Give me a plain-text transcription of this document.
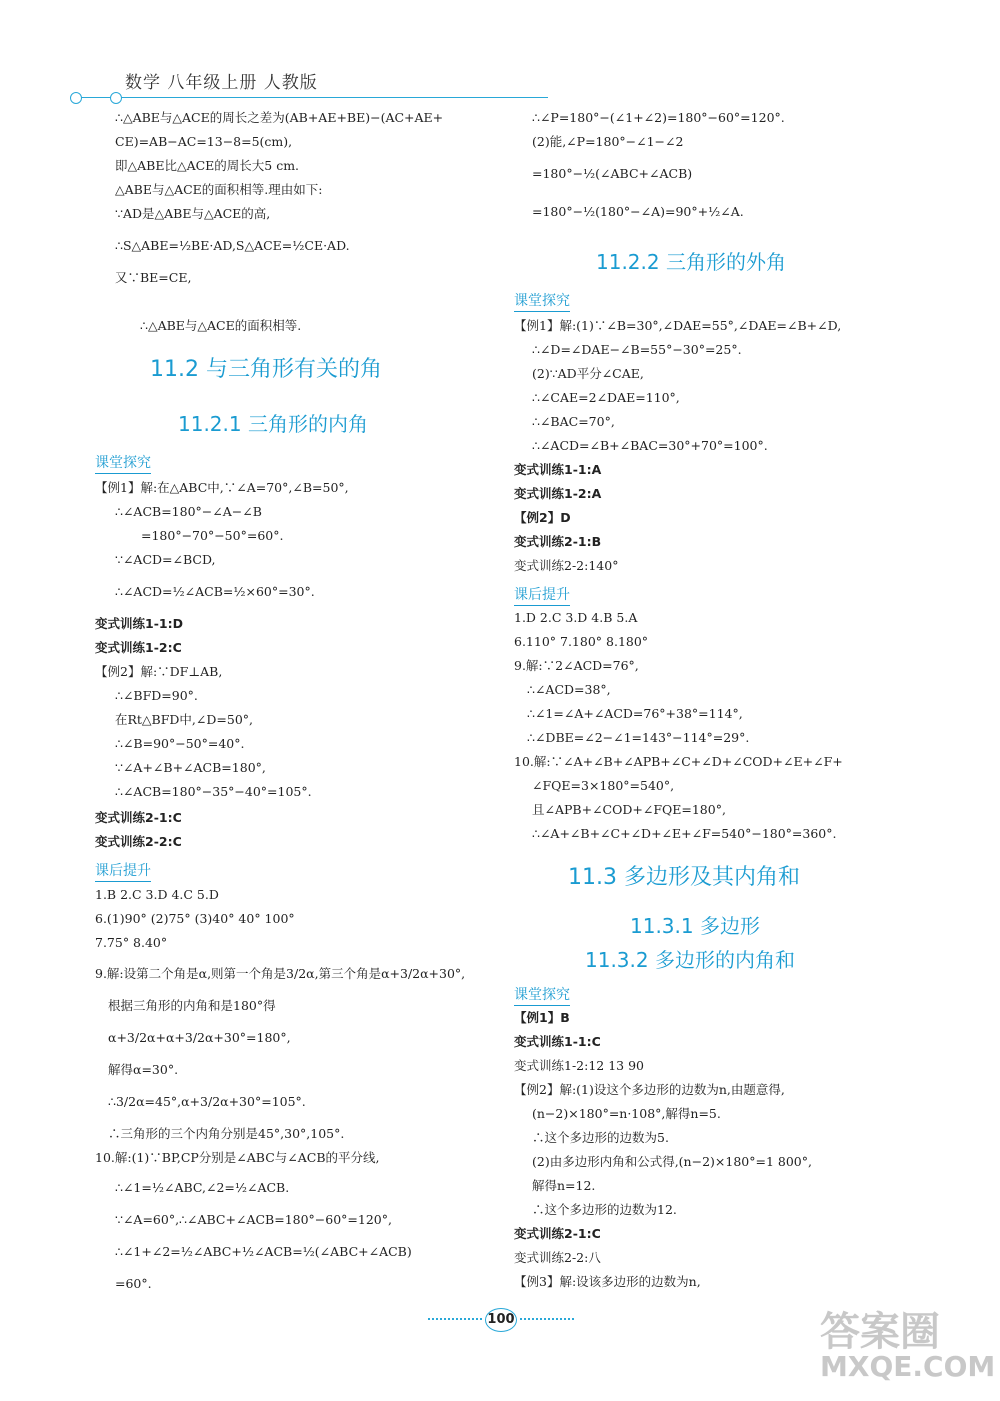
数学 八年级上册 人教版
∴△ABE与△ACE的周长之差为(AB+AE+BE)−(AC+AE+
CE)=AB−AC=13−8=5(cm),
即△ABE比△ACE的周长大5 cm.
△ABE与△ACE的面积相等.理由如下:
∵AD是△ABE与△ACE的高,
∴S△ABE=½BE·AD,S△ACE=½CE·AD.
又∵BE=CE,
∴△ABE与△ACE的面积相等.
11.2 与三角形有关的角
11.2.1 三角形的内角
课堂探究
【例1】解:在△ABC中,∵∠A=70°,∠B=50°,
∴∠ACB=180°−∠A−∠B
=180°−70°−50°=60°.
∵∠ACD=∠BCD,
∴∠ACD=½∠ACB=½×60°=30°.
变式训练1-1:D
变式训练1-2:C
【例2】解:∵DF⊥AB,
∴∠BFD=90°.
在Rt△BFD中,∠D=50°,
∴∠B=90°−50°=40°.
∵∠A+∠B+∠ACB=180°,
∴∠ACB=180°−35°−40°=105°.
变式训练2-1:C
变式训练2-2:C
课后提升
1.B 2.C 3.D 4.C 5.D
6.(1)90° (2)75° (3)40° 40° 100°
7.75° 8.40°
9.解:设第二个角是α,则第一个角是3/2α,第三个角是α+3/2α+30°,
根据三角形的内角和是180°得
α+3/2α+α+3/2α+30°=180°,
解得α=30°.
∴3/2α=45°,α+3/2α+30°=105°.
∴三角形的三个内角分别是45°,30°,105°.
10.解:(1)∵BP,CP分别是∠ABC与∠ACB的平分线,
∴∠1=½∠ABC,∠2=½∠ACB.
∵∠A=60°,∴∠ABC+∠ACB=180°−60°=120°,
∴∠1+∠2=½∠ABC+½∠ACB=½(∠ABC+∠ACB)
=60°.
∴∠P=180°−(∠1+∠2)=180°−60°=120°.
(2)能,∠P=180°−∠1−∠2
=180°−½(∠ABC+∠ACB)
=180°−½(180°−∠A)=90°+½∠A.
11.2.2 三角形的外角
课堂探究
【例1】解:(1)∵∠B=30°,∠DAE=55°,∠DAE=∠B+∠D,
∴∠D=∠DAE−∠B=55°−30°=25°.
(2)∵AD平分∠CAE,
∴∠CAE=2∠DAE=110°,
∴∠BAC=70°,
∴∠ACD=∠B+∠BAC=30°+70°=100°.
变式训练1-1:A
变式训练1-2:A
【例2】D
变式训练2-1:B
变式训练2-2:140°
课后提升
1.D 2.C 3.D 4.B 5.A
6.110° 7.180° 8.180°
9.解:∵2∠ACD=76°,
∴∠ACD=38°,
∴∠1=∠A+∠ACD=76°+38°=114°,
∴∠DBE=∠2−∠1=143°−114°=29°.
10.解:∵∠A+∠B+∠APB+∠C+∠D+∠COD+∠E+∠F+
∠FQE=3×180°=540°,
且∠APB+∠COD+∠FQE=180°,
∴∠A+∠B+∠C+∠D+∠E+∠F=540°−180°=360°.
11.3 多边形及其内角和
11.3.1 多边形
11.3.2 多边形的内角和
课堂探究
【例1】B
变式训练1-1:C
变式训练1-2:12 13 90
【例2】解:(1)设这个多边形的边数为n,由题意得,
(n−2)×180°=n·108°,解得n=5.
∴这个多边形的边数为5.
(2)由多边形内角和公式得,(n−2)×180°=1 800°,
解得n=12.
∴这个多边形的边数为12.
变式训练2-1:C
变式训练2-2:八
【例3】解:设该多边形的边数为n,
100	答案圈
MXQE.COM
